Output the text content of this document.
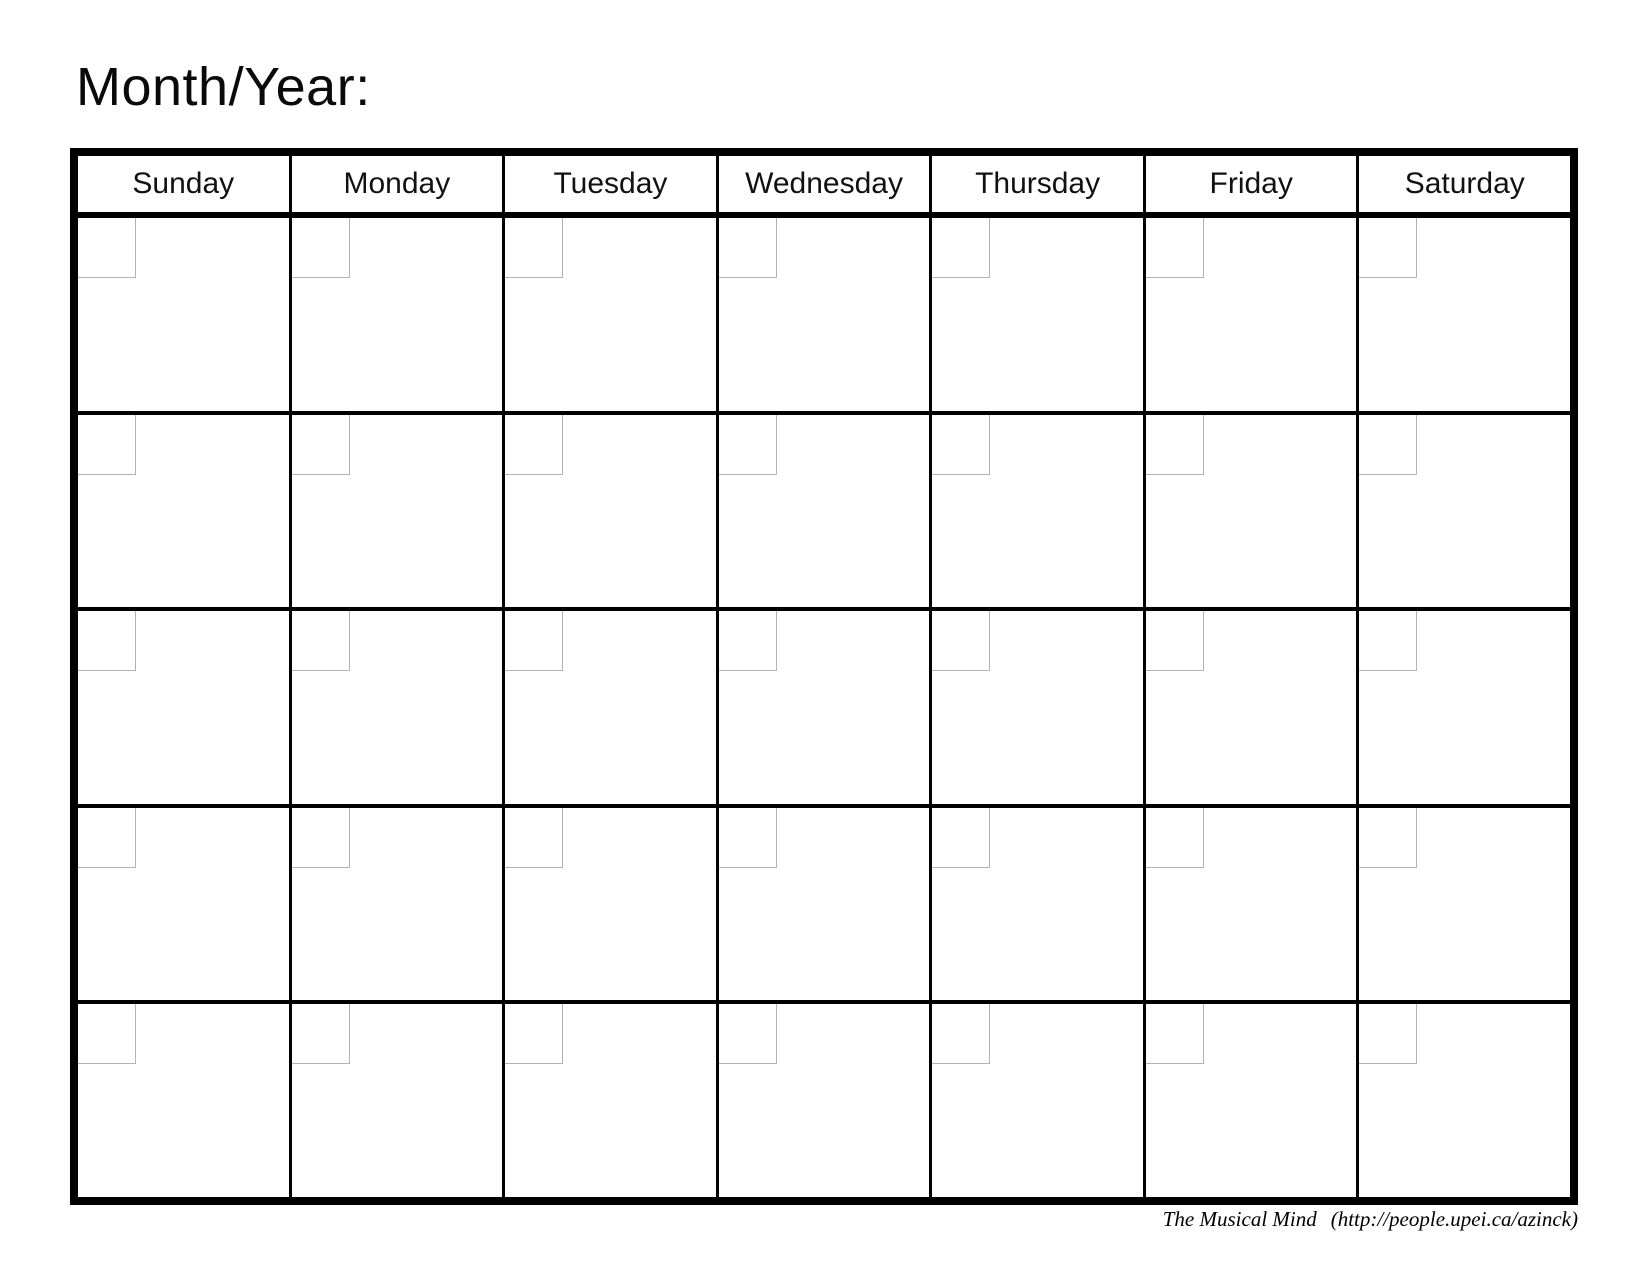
Month/Year:
Sunday	Monday	Tuesday	Wednesday	Thursday	Friday	Saturday
The Musical Mind (http://people.upei.ca/azinck)
